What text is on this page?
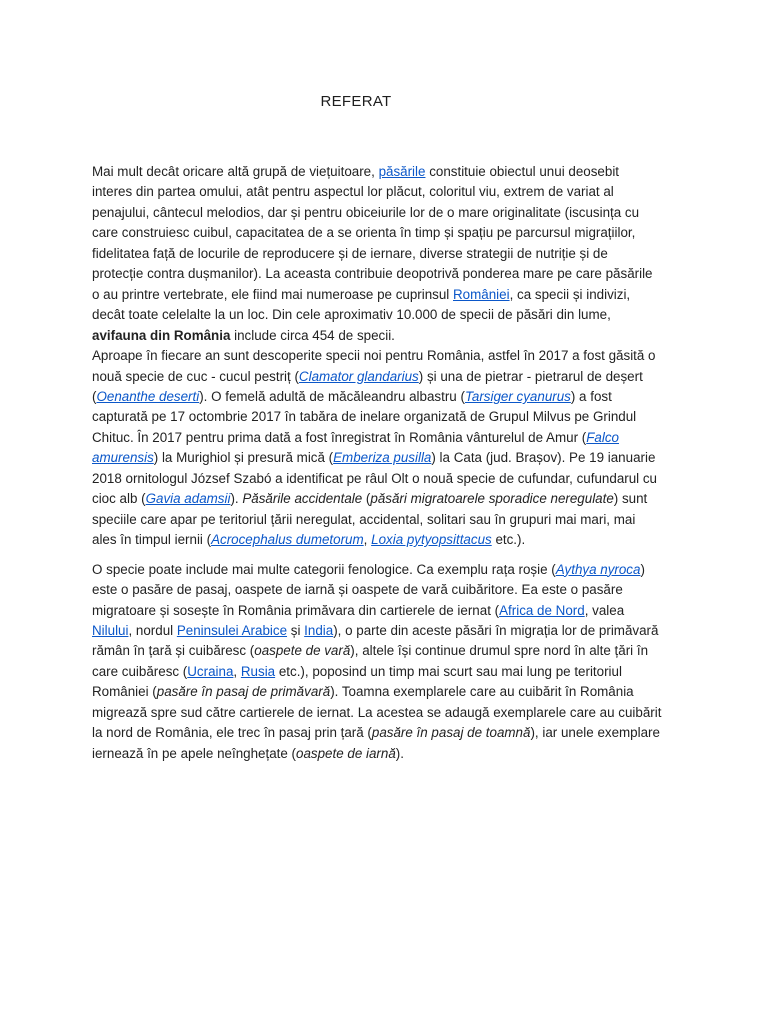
REFERAT

Mai mult decât oricare altă grupă de viețuitoare, păsările constituie obiectul unui deosebit interes din partea omului, atât pentru aspectul lor plăcut, coloritul viu, extrem de variat al penajului, cântecul melodios, dar și pentru obiceiurile lor de o mare originalitate (iscusința cu care construiesc cuibul, capacitatea de a se orienta în timp și spațiu pe parcursul migrațiilor, fidelitatea față de locurile de reproducere și de iernare, diverse strategii de nutriție și de protecție contra dușmanilor). La aceasta contribuie deopotrivă ponderea mare pe care păsările o au printre vertebrate, ele fiind mai numeroase pe cuprinsul României, ca specii și indivizi, decât toate celelalte la un loc. Din cele aproximativ 10.000 de specii de păsări din lume, avifauna din România include circa 454 de specii.

Aproape în fiecare an sunt descoperite specii noi pentru România, astfel în 2017 a fost găsită o nouă specie de cuc - cucul pestriț (Clamator glandarius) și una de pietrar - pietrarul de deșert (Oenanthe deserti). O femelă adultă de măcăleandru albastru (Tarsiger cyanurus) a fost capturată pe 17 octombrie 2017 în tabăra de inelare organizată de Grupul Milvus pe Grindul Chituc. În 2017 pentru prima dată a fost înregistrat în România vânturelul de Amur (Falco amurensis) la Murighiol și presură mică (Emberiza pusilla) la Cata (jud. Brașov). Pe 19 ianuarie 2018 ornitologul József Szabó a identificat pe râul Olt o nouă specie de cufundar, cufundarul cu cioc alb (Gavia adamsii). Păsările accidentale (păsări migratoarele sporadice neregulate) sunt speciile care apar pe teritoriul țării neregulat, accidental, solitari sau în grupuri mai mari, mai ales în timpul iernii (Acrocephalus dumetorum, Loxia pytyopsittacus etc.).

O specie poate include mai multe categorii fenologice. Ca exemplu rața roșie (Aythya nyroca) este o pasăre de pasaj, oaspete de iarnă și oaspete de vară cuibăritore. Ea este o pasăre migratoare și sosește în România primăvara din cartierele de iernat (Africa de Nord, valea Nilului, nordul Peninsulei Arabice și India), o parte din aceste păsări în migrația lor de primăvară rămân în țară și cuibăresc (oaspete de vară), altele își continue drumul spre nord în alte țări în care cuibăresc (Ucraina, Rusia etc.), poposind un timp mai scurt sau mai lung pe teritoriul României (pasăre în pasaj de primăvară). Toamna exemplarele care au cuibărit în România migrează spre sud către cartierele de iernat. La acestea se adaugă exemplarele care au cuibărit la nord de România, ele trec în pasaj prin țară (pasăre în pasaj de toamnă), iar unele exemplare iernează în pe apele neînghețate (oaspete de iarnă).
